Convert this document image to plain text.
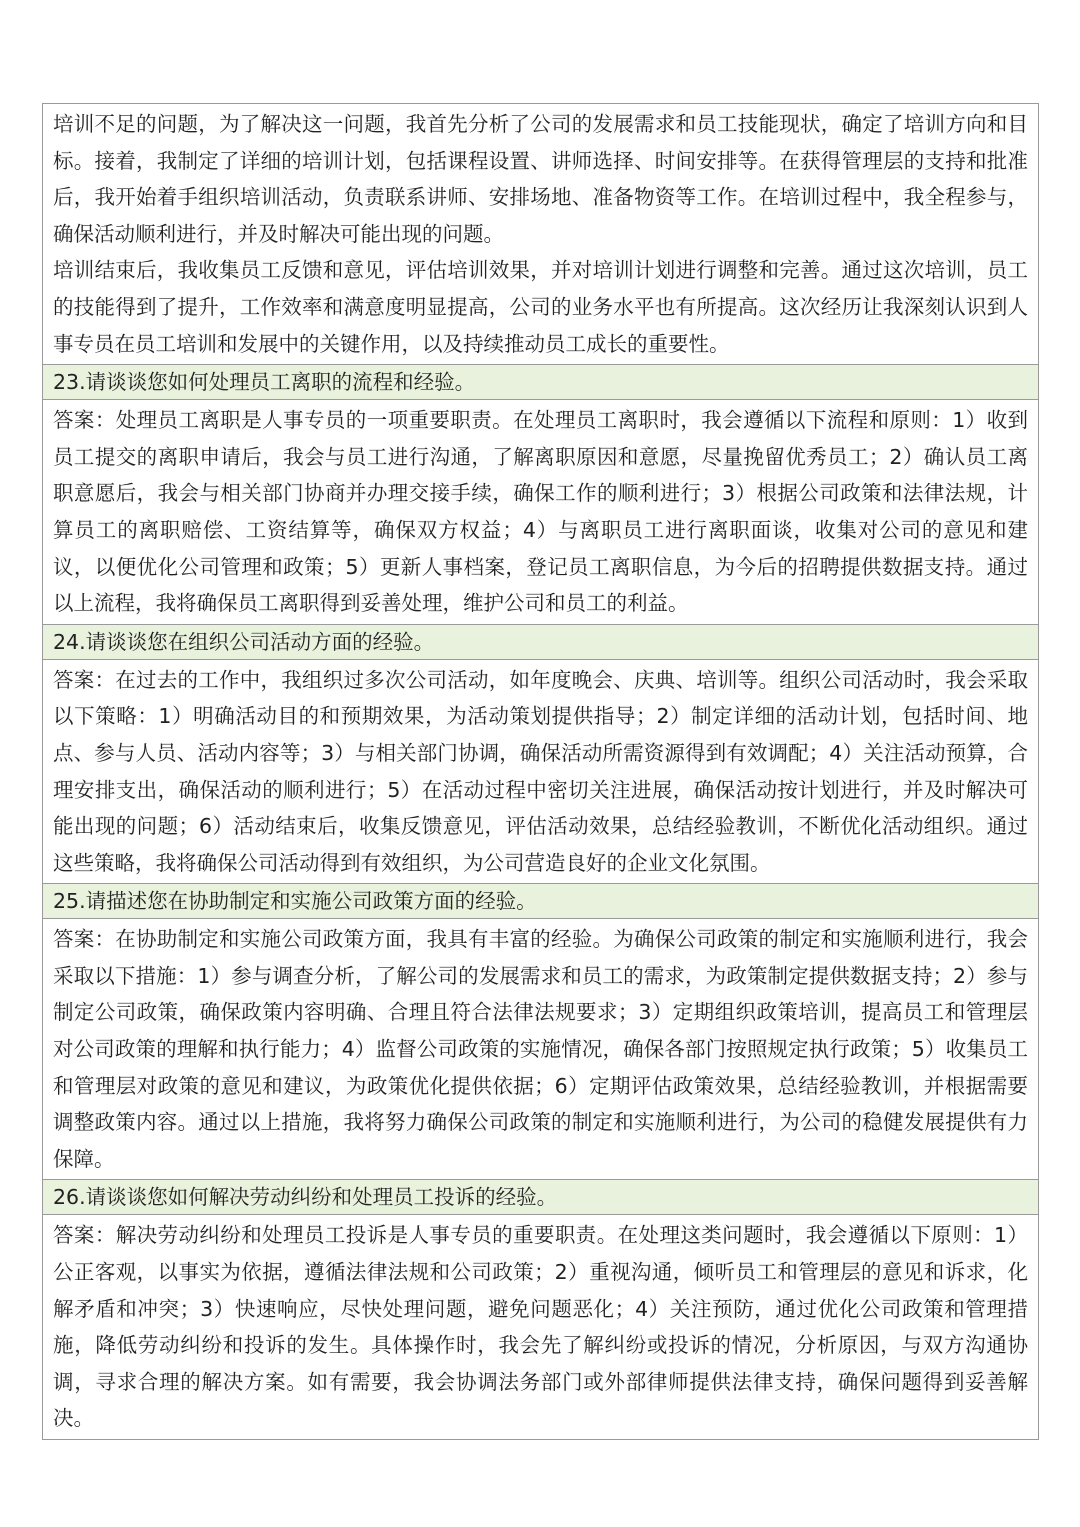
培训不足的问题，为了解决这一问题，我首先分析了公司的发展需求和员工技能现状，确定了培训方向和目标。接着，我制定了详细的培训计划，包括课程设置、讲师选择、时间安排等。在获得管理层的支持和批准后，我开始着手组织培训活动，负责联系讲师、安排场地、准备物资等工作。在培训过程中，我全程参与，确保活动顺利进行，并及时解决可能出现的问题。
培训结束后，我收集员工反馈和意见，评估培训效果，并对培训计划进行调整和完善。通过这次培训，员工的技能得到了提升，工作效率和满意度明显提高，公司的业务水平也有所提高。这次经历让我深刻认识到人事专员在员工培训和发展中的关键作用，以及持续推动员工成长的重要性。
23.请谈谈您如何处理员工离职的流程和经验。
答案：处理员工离职是人事专员的一项重要职责。在处理员工离职时，我会遵循以下流程和原则：1）收到员工提交的离职申请后，我会与员工进行沟通，了解离职原因和意愿，尽量挽留优秀员工；2）确认员工离职意愿后，我会与相关部门协商并办理交接手续，确保工作的顺利进行；3）根据公司政策和法律法规，计算员工的离职赔偿、工资结算等，确保双方权益；4）与离职员工进行离职面谈，收集对公司的意见和建议，以便优化公司管理和政策；5）更新人事档案，登记员工离职信息，为今后的招聘提供数据支持。通过以上流程，我将确保员工离职得到妥善处理，维护公司和员工的利益。
24.请谈谈您在组织公司活动方面的经验。
答案：在过去的工作中，我组织过多次公司活动，如年度晚会、庆典、培训等。组织公司活动时，我会采取以下策略：1）明确活动目的和预期效果，为活动策划提供指导；2）制定详细的活动计划，包括时间、地点、参与人员、活动内容等；3）与相关部门协调，确保活动所需资源得到有效调配；4）关注活动预算，合理安排支出，确保活动的顺利进行；5）在活动过程中密切关注进展，确保活动按计划进行，并及时解决可能出现的问题；6）活动结束后，收集反馈意见，评估活动效果，总结经验教训，不断优化活动组织。通过这些策略，我将确保公司活动得到有效组织，为公司营造良好的企业文化氛围。
25.请描述您在协助制定和实施公司政策方面的经验。
答案：在协助制定和实施公司政策方面，我具有丰富的经验。为确保公司政策的制定和实施顺利进行，我会采取以下措施：1）参与调查分析，了解公司的发展需求和员工的需求，为政策制定提供数据支持；2）参与制定公司政策，确保政策内容明确、合理且符合法律法规要求；3）定期组织政策培训，提高员工和管理层对公司政策的理解和执行能力；4）监督公司政策的实施情况，确保各部门按照规定执行政策；5）收集员工和管理层对政策的意见和建议，为政策优化提供依据；6）定期评估政策效果，总结经验教训，并根据需要调整政策内容。通过以上措施，我将努力确保公司政策的制定和实施顺利进行，为公司的稳健发展提供有力保障。
26.请谈谈您如何解决劳动纠纷和处理员工投诉的经验。
答案：解决劳动纠纷和处理员工投诉是人事专员的重要职责。在处理这类问题时，我会遵循以下原则：1）公正客观，以事实为依据，遵循法律法规和公司政策；2）重视沟通，倾听员工和管理层的意见和诉求，化解矛盾和冲突；3）快速响应，尽快处理问题，避免问题恶化；4）关注预防，通过优化公司政策和管理措施，降低劳动纠纷和投诉的发生。具体操作时，我会先了解纠纷或投诉的情况，分析原因，与双方沟通协调，寻求合理的解决方案。如有需要，我会协调法务部门或外部律师提供法律支持，确保问题得到妥善解决。
